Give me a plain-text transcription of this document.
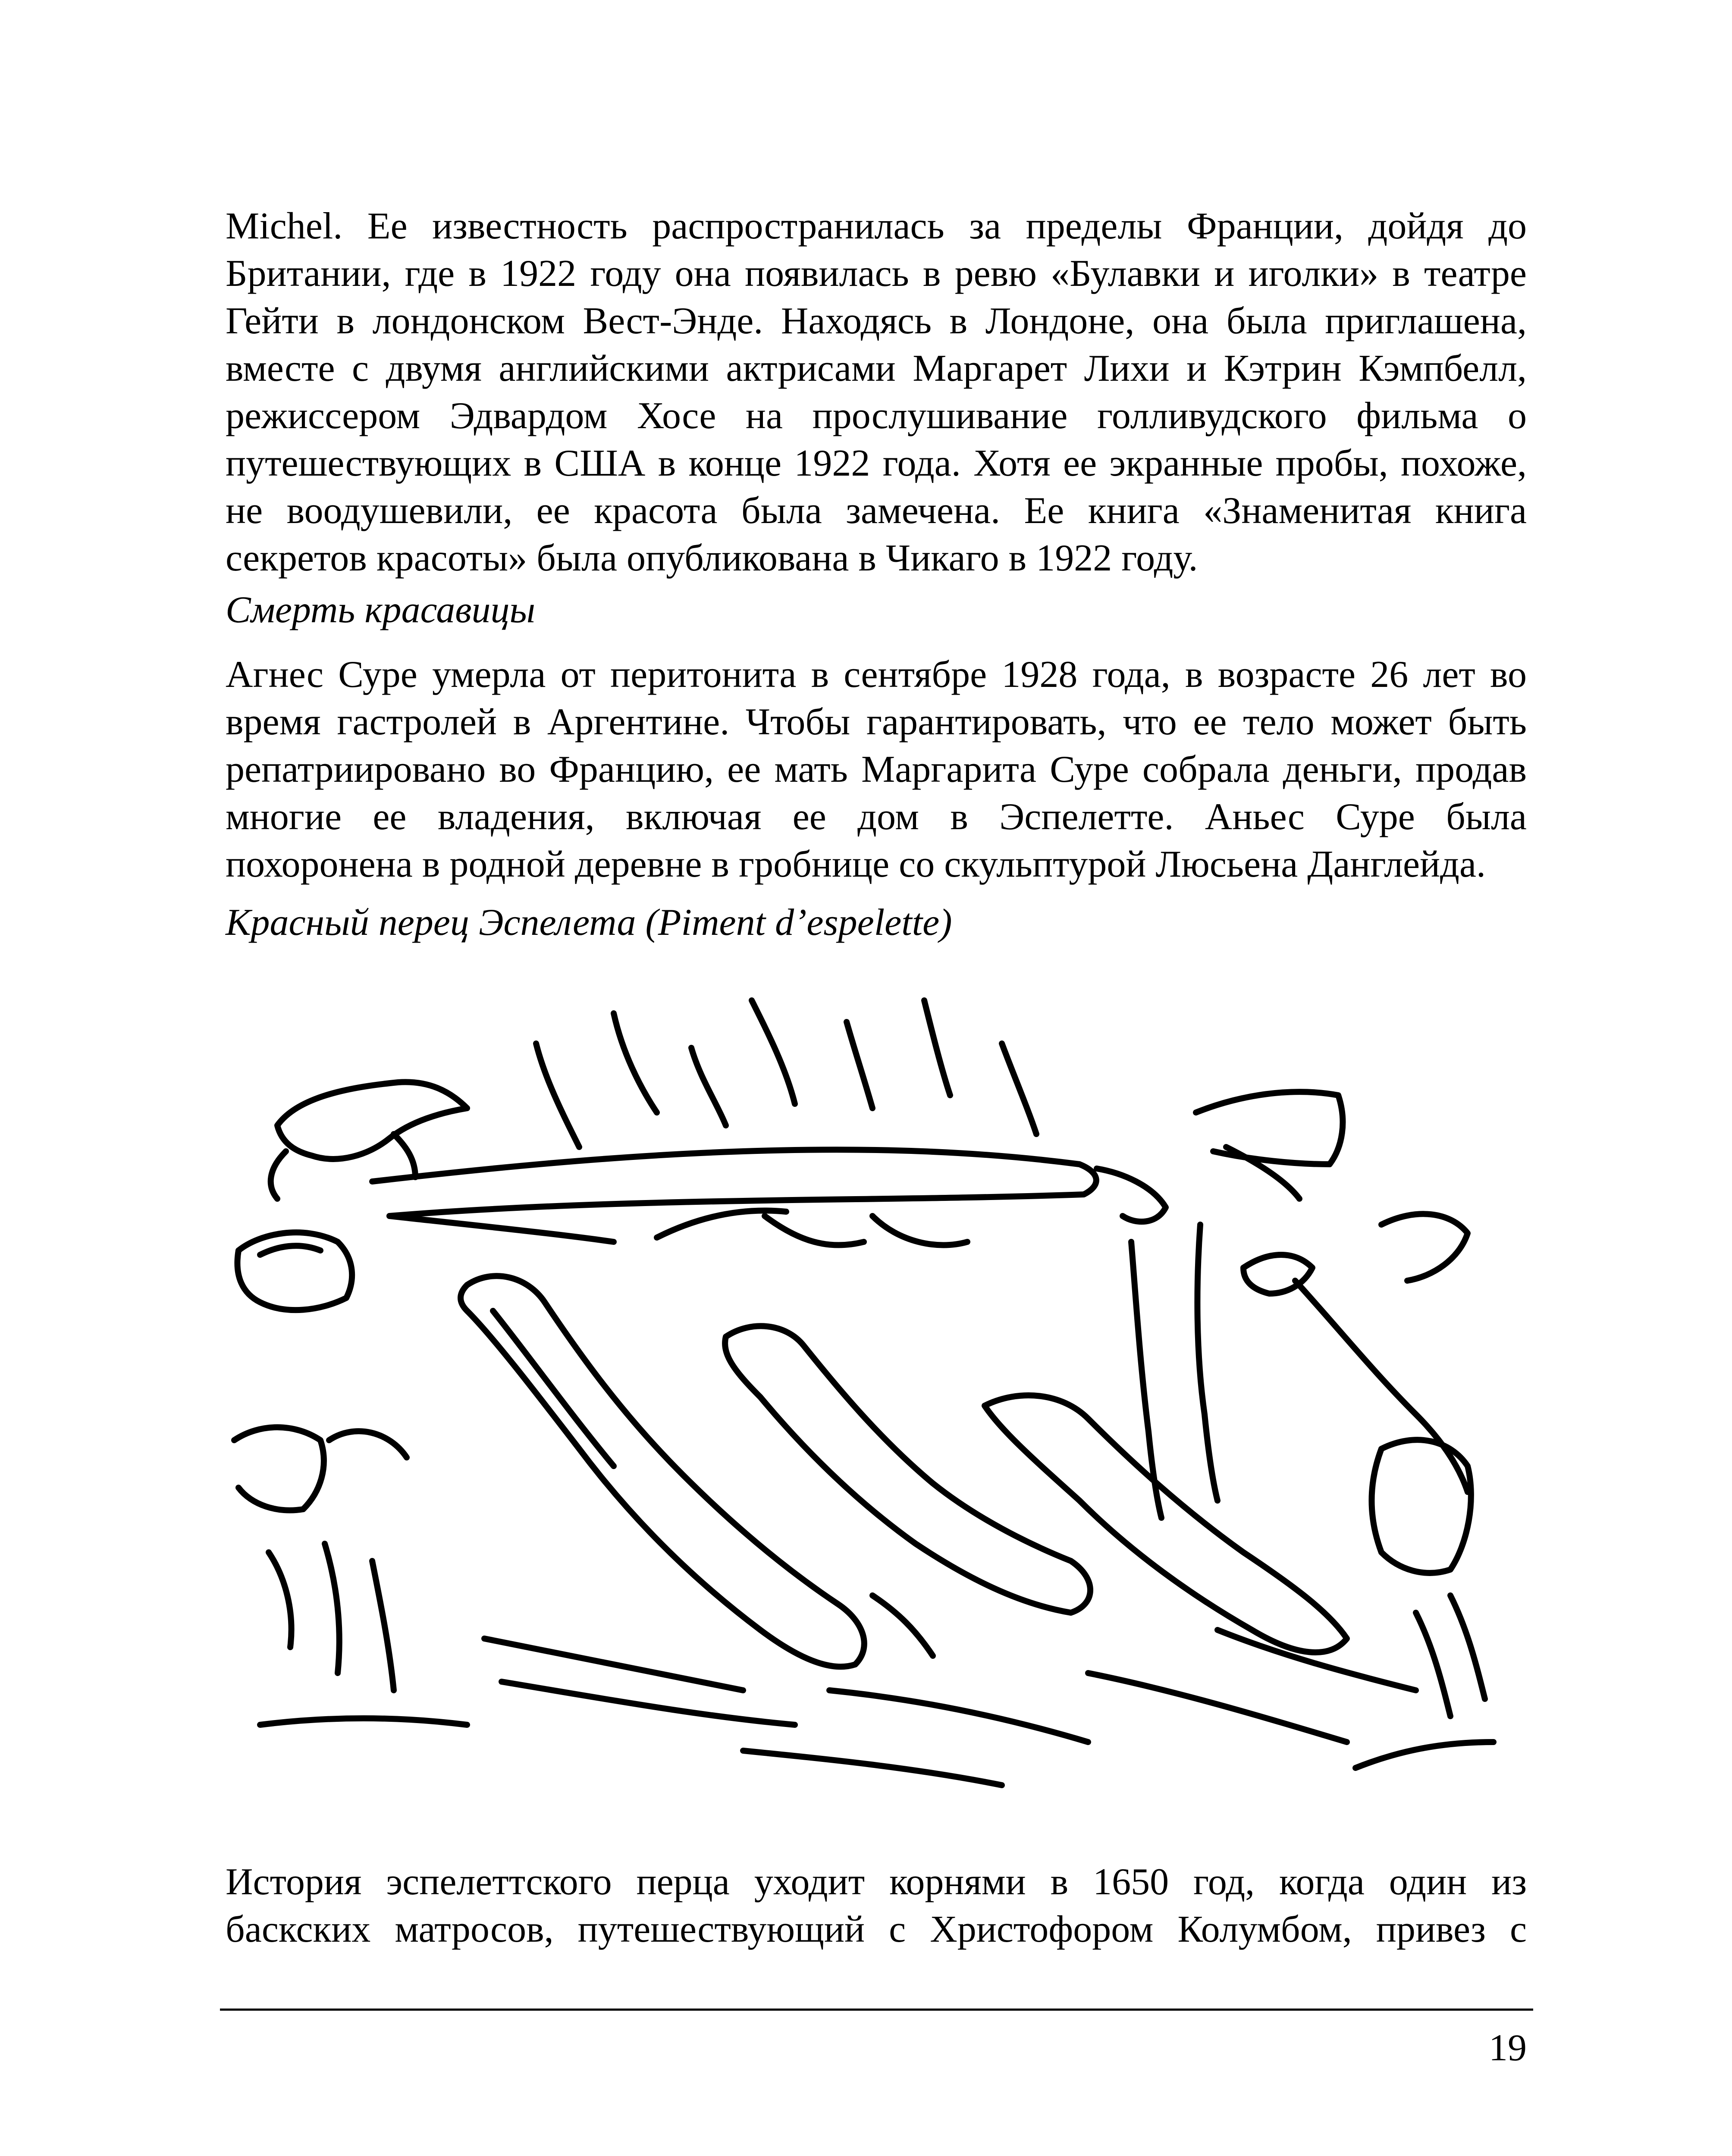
Michel. Ее известность распространилась за пределы Франции, дойдя до
Британии, где в 1922 году она появилась в ревю «Булавки и иголки» в театре
Гейти в лондонском Вест-Энде. Находясь в Лондоне, она была приглашена,
вместе с двумя английскими актрисами Маргарет Лихи и Кэтрин Кэмпбелл,
режиссером Эдвардом Хосе на прослушивание голливудского фильма о
путешествующих в США в конце 1922 года. Хотя ее экранные пробы, похоже,
не воодушевили, ее красота была замечена. Ее книга «Знаменитая книга
секретов красоты» была опубликована в Чикаго в 1922 году.

Смерть красавицы

Агнес Суре умерла от перитонита в сентябре 1928 года, в возрасте 26 лет во
время гастролей в Аргентине. Чтобы гарантировать, что ее тело может быть
репатриировано во Францию, ее мать Маргарита Суре собрала деньги, продав
многие ее владения, включая ее дом в Эспелетте. Аньес Суре была
похоронена в родной деревне в гробнице со скульптурой Люсьена Данглейда.

Красный перец Эспелета (Piment d’espelette)

История эспелеттского перца уходит корнями в 1650 год, когда один из
баскских матросов, путешествующий с Христофором Колумбом, привез с
19
